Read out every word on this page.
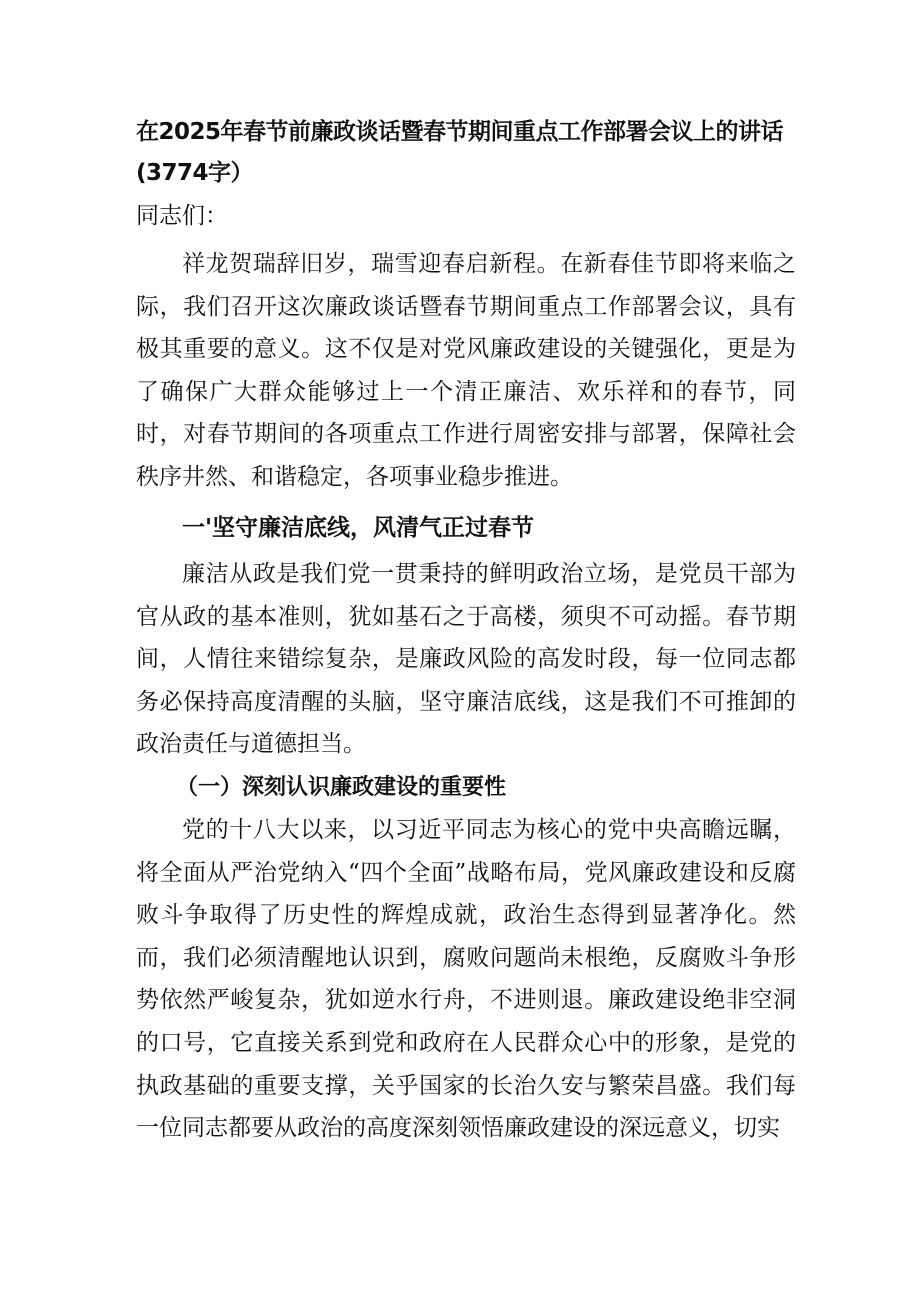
在2025年春节前廉政谈话暨春节期间重点工作部署会议上的讲话(3774字）

同志们：

祥龙贺瑞辞旧岁，瑞雪迎春启新程。在新春佳节即将来临之际，我们召开这次廉政谈话暨春节期间重点工作部署会议，具有极其重要的意义。这不仅是对党风廉政建设的关键强化，更是为了确保广大群众能够过上一个清正廉洁、欢乐祥和的春节，同时，对春节期间的各项重点工作进行周密安排与部署，保障社会秩序井然、和谐稳定，各项事业稳步推进。

一'坚守廉洁底线，风清气正过春节

廉洁从政是我们党一贯秉持的鲜明政治立场，是党员干部为官从政的基本准则，犹如基石之于高楼，须臾不可动摇。春节期间，人情往来错综复杂，是廉政风险的高发时段，每一位同志都务必保持高度清醒的头脑，坚守廉洁底线，这是我们不可推卸的政治责任与道德担当。

（一）深刻认识廉政建设的重要性

党的十八大以来，以习近平同志为核心的党中央高瞻远瞩，将全面从严治党纳入“四个全面”战略布局，党风廉政建设和反腐败斗争取得了历史性的辉煌成就，政治生态得到显著净化。然而，我们必须清醒地认识到，腐败问题尚未根绝，反腐败斗争形势依然严峻复杂，犹如逆水行舟，不进则退。廉政建设绝非空洞的口号，它直接关系到党和政府在人民群众心中的形象，是党的执政基础的重要支撑，关乎国家的长治久安与繁荣昌盛。我们每一位同志都要从政治的高度深刻领悟廉政建设的深远意义，切实
